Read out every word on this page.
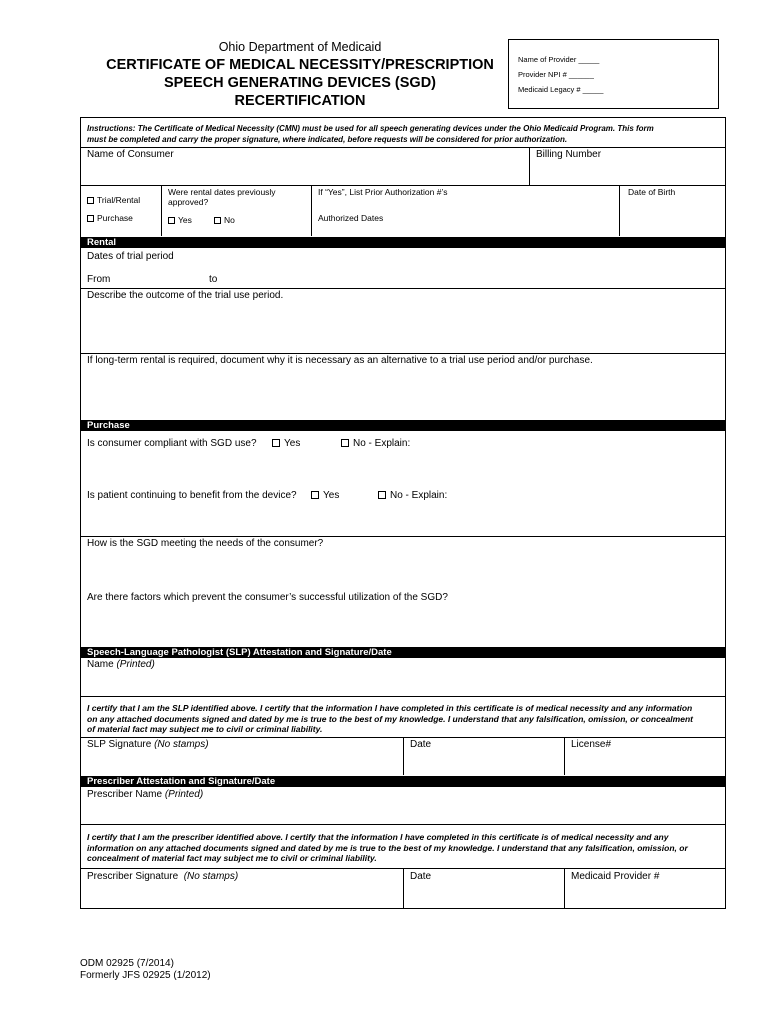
Ohio Department of Medicaid
CERTIFICATE OF MEDICAL NECESSITY/PRESCRIPTION
SPEECH GENERATING DEVICES (SGD)
RECERTIFICATION
Name of Provider _____
Provider NPI # ______
Medicaid Legacy # _____
Instructions: The Certificate of Medical Necessity (CMN) must be used for all speech generating devices under the Ohio Medicaid Program. This form
must be completed and carry the proper signature, where indicated, before requests will be considered for prior authorization.
Name of Consumer	Billing Number
Trial/Rental
Purchase
Were rental dates previously
approved?
Yes	No
If “Yes”, List Prior Authorization #’s
Authorized Dates
Date of Birth
Rental
Dates of trial period
From	to
Describe the outcome of the trial use period.
If long-term rental is required, document why it is necessary as an alternative to a trial use period and/or purchase.
Purchase
Is consumer compliant with SGD use?	Yes	No - Explain:
Is patient continuing to benefit from the device?	Yes	No - Explain:
How is the SGD meeting the needs of the consumer?
Are there factors which prevent the consumer’s successful utilization of the SGD?
Speech-Language Pathologist (SLP) Attestation and Signature/Date
Name (Printed)
I certify that I am the SLP identified above. I certify that the information I have completed in this certificate is of medical necessity and any information
on any attached documents signed and dated by me is true to the best of my knowledge. I understand that any falsification, omission, or concealment
of material fact may subject me to civil or criminal liability.
SLP Signature (No stamps)	Date	License#
Prescriber Attestation and Signature/Date
Prescriber Name (Printed)
I certify that I am the prescriber identified above. I certify that the information I have completed in this certificate is of medical necessity and any
information on any attached documents signed and dated by me is true to the best of my knowledge. I understand that any falsification, omission, or
concealment of material fact may subject me to civil or criminal liability.
Prescriber Signature (No stamps)	Date	Medicaid Provider #
ODM 02925 (7/2014)
Formerly JFS 02925 (1/2012)
